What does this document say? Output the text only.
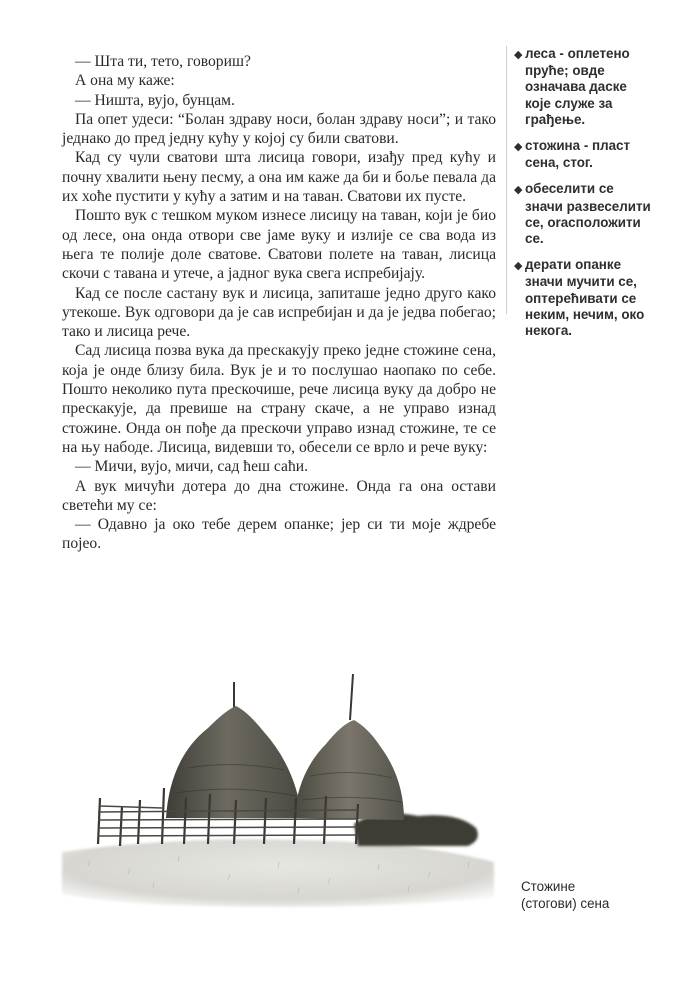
— Шта ти, тето, говориш?

А она му каже:

— Ништа, вујо, бунцам.

Па опет удеси: “Болан здраву носи, болан здраву носи”; и тако једнако до пред једну кућу у којој су били сватови.

Кад су чули сватови шта лисица говори, изађу пред кућу и почну хвалити њену песму, а она им каже да би и боље певала да их хоће пустити у кућу а затим и на таван. Сватови их пусте.

Пошто вук с тешком муком изнесе лисицу на таван, који је био од лесе, она онда отвори све јаме вуку и излије се сва вода из њега те полије доле сватове. Сватови полете на таван, лисица скочи с тавана и утече, а јадног вука свега испребијају.

Кад се после састану вук и лисица, запиташе једно друго како утекоше. Вук одговори да је сав испребијан и да је једва побегао; тако и лисица рече.

Сад лисица позва вука да прескакују преко једне стожине сена, која је онде близу била. Вук је и то послушао наопако по себе. Пошто неколико пута прескочише, рече лисица вуку да добро не прескакује, да превише на страну скаче, а не управо изнад стожине. Онда он пође да прескочи управо изнад стожине, те се на њу набоде. Лисица, видевши то, обесели се врло и рече вуку:

— Мичи, вујо, мичи, сад ћеш саћи.

А вук мичући дотера до дна стожине. Онда га она остави светећи му се:

— Одавно ја око тебе дерем опанке; јер си ти моје ждребе појео.

◆ леса - оплетено пруће; овде означава даске које служе за грађење.

◆ стожина - пласт сена, стог.

◆ обеселити се значи развеселити се, orаспoложити се.

◆ дерати опанке значи мучити се, оптерећивати се неким, нечим, око некога.

Стожине
(стогови) сена
